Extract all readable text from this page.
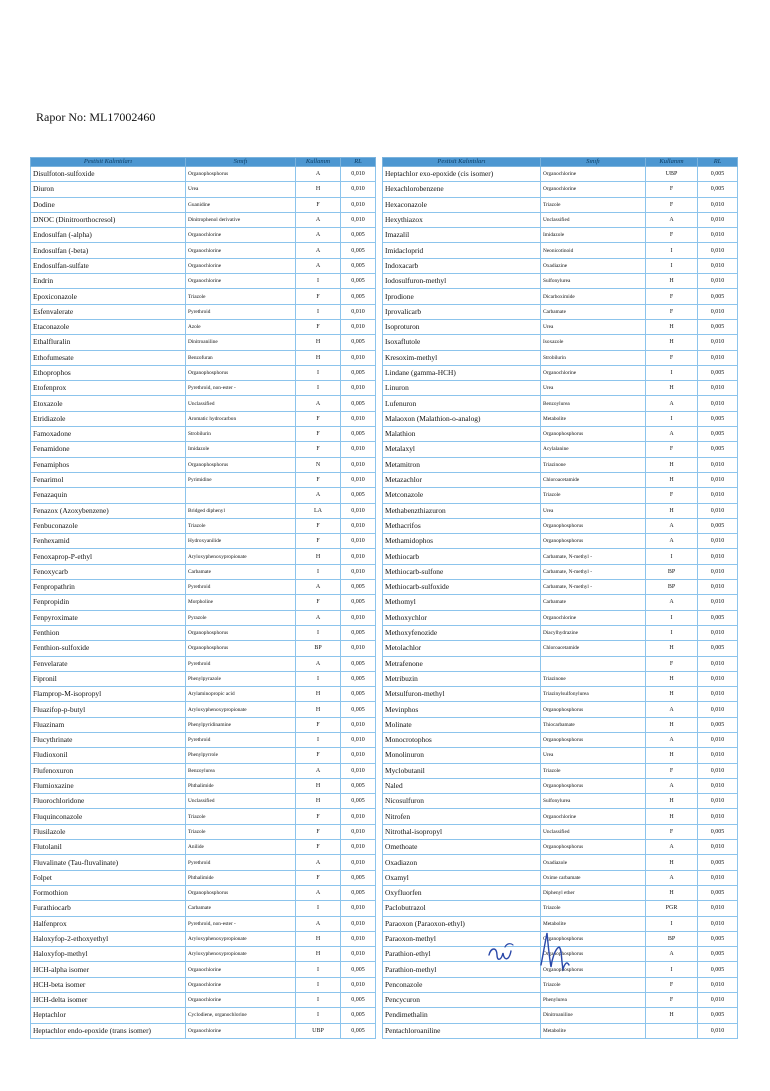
Rapor No: ML17002460
Pestisit Kalıntıları	Sınıfı	Kullanım	RL
Disulfoton-sulfoxide	Organophosphorus	A	0,010
Diuron	Urea	H	0,010
Dodine	Guanidine	F	0,010
DNOC (Dinitroorthocresol)	Dinitrophenol derivative	A	0,010
Endosulfan (-alpha)	Organochlorine	A	0,005
Endosulfan (-beta)	Organochlorine	A	0,005
Endosulfan-sulfate	Organochlorine	A	0,005
Endrin	Organochlorine	I	0,005
Epoxiconazole	Triazole	F	0,005
Esfenvalerate	Pyrethroid	I	0,010
Etaconazole	Azole	F	0,010
Ethalfluralin	Dinitroaniline	H	0,005
Ethofumesate	Benzofuran	H	0,010
Ethoprophos	Organophosphorus	I	0,005
Etofenprox	Pyrethroid, non-ester -	I	0,010
Etoxazole	Unclassified	A	0,005
Etridiazole	Aromatic hydrocarbon	F	0,010
Famoxadone	Strobilurin	F	0,005
Fenamidone	Imidazole	F	0,010
Fenamiphos	Organophosphorus	N	0,010
Fenarimol	Pyrimidine	F	0,010
Fenazaquin		A	0,005
Fenazox (Azoxybenzene)	Bridged diphenyl	LA	0,010
Fenbuconazole	Triazole	F	0,010
Fenhexamid	Hydroxyanilide	F	0,010
Fenoxaprop-P-ethyl	Aryloxyphenoxypropionate	H	0,010
Fenoxycarb	Carbamate	I	0,010
Fenpropathrin	Pyrethroid	A	0,005
Fenpropidin	Morpholine	F	0,005
Fenpyroximate	Pyrazole	A	0,010
Fenthion	Organophosphorus	I	0,005
Fenthion-sulfoxide	Organophosphorus	BP	0,010
Fenvelarate	Pyrethroid	A	0,005
Fipronil	Phenylpyrazole	I	0,005
Flamprop-M-isopropyl	Arylaminopropic acid	H	0,005
Fluazifop-p-butyl	Aryloxyphenoxypropionate	H	0,005
Fluazinam	Phenylpyridinamine	F	0,010
Flucythrinate	Pyrethroid	I	0,010
Fludioxonil	Phenylpyrrole	F	0,010
Flufenoxuron	Benzoylurea	A	0,010
Flumioxazine	Phthalimide	H	0,005
Fluorochloridone	Unclassified	H	0,005
Fluquinconazole	Triazole	F	0,010
Flusilazole	Triazole	F	0,010
Flutolanil	Anilide	F	0,010
Fluvalinate (Tau-fluvalinate)	Pyrethroid	A	0,010
Folpet	Phthalimide	F	0,005
Formothion	Organophosphorus	A	0,005
Furathiocarb	Carbamate	I	0,010
Halfenprox	Pyrethroid, non-ester -	A	0,010
Haloxyfop-2-ethoxyethyl	Aryloxyphenoxypropionate	H	0,010
Haloxyfop-methyl	Aryloxyphenoxypropionate	H	0,010
HCH-alpha isomer	Organochlorine	I	0,005
HCH-beta isomer	Organochlorine	I	0,010
HCH-delta isomer	Organochlorine	I	0,005
Heptachlor	Cyclodiene, organochlorine	I	0,005
Heptachlor endo-epoxide (trans isomer)	Organochlorine	UBP	0,005
Pestisit Kalıntıları	Sınıfı	Kullanım	RL
Heptachlor exo-epoxide (cis isomer)	Organochlorine	UBP	0,005
Hexachlorobenzene	Organochlorine	F	0,005
Hexaconazole	Triazole	F	0,010
Hexythiazox	Unclassified	A	0,010
Imazalil	Imidazole	F	0,010
Imidacloprid	Neonicotinoid	I	0,010
Indoxacarb	Oxadiazine	I	0,010
Iodosulfuron-methyl	Sulfonylurea	H	0,010
Iprodione	Dicarboximide	F	0,005
Iprovalicarb	Carbamate	F	0,010
Isoproturon	Urea	H	0,005
Isoxaflutole	Isoxazole	H	0,010
Kresoxim-methyl	Strobilurin	F	0,010
Lindane (gamma-HCH)	Organochlorine	I	0,005
Linuron	Urea	H	0,010
Lufenuron	Benzoylurea	A	0,010
Malaoxon (Malathion-o-analog)	Metabolite	I	0,005
Malathion	Organophosphorus	A	0,005
Metalaxyl	Acylalanine	F	0,005
Metamitron	Triazinone	H	0,010
Metazachlor	Chloroacetamide	H	0,010
Metconazole	Triazole	F	0,010
Methabenzthiazuron	Urea	H	0,010
Methacrifos	Organophosphorus	A	0,005
Methamidophos	Organophosphorus	A	0,010
Methiocarb	Carbamate, N-methyl -	I	0,010
Methiocarb-sulfone	Carbamate, N-methyl -	BP	0,010
Methiocarb-sulfoxide	Carbamate, N-methyl -	BP	0,010
Methomyl	Carbamate	A	0,010
Methoxychlor	Organochlorine	I	0,005
Methoxyfenozide	Diacylhydrazine	I	0,010
Metolachlor	Chloroacetamide	H	0,005
Metrafenone		F	0,010
Metribuzin	Triazinone	H	0,010
Metsulfuron-methyl	Triazinylsulfonylurea	H	0,010
Mevinphos	Organophosphorus	A	0,010
Molinate	Thiocarbamate	H	0,005
Monocrotophos	Organophosphorus	A	0,010
Monolinuron	Urea	H	0,010
Myclobutanil	Triazole	F	0,010
Naled	Organophosphorus	A	0,010
Nicosulfuron	Sulfonylurea	H	0,010
Nitrofen	Organochlorine	H	0,010
Nitrothal-isopropyl	Unclassified	F	0,005
Omethoate	Organophosphorus	A	0,010
Oxadiazon	Oxadiazole	H	0,005
Oxamyl	Oxime carbamate	A	0,010
Oxyfluorfen	Diphenyl ether	H	0,005
Paclobutrazol	Triazole	PGR	0,010
Paraoxon (Paraoxon-ethyl)	Metabolite	I	0,010
Paraoxon-methyl	Organophosphorus	BP	0,005
Parathion-ethyl	Organophosphorus	A	0,005
Parathion-methyl	Organophosphorus	I	0,005
Penconazole	Triazole	F	0,010
Pencycuron	Phenylurea	F	0,010
Pendimethalin	Dinitroaniline	H	0,005
Pentachloroaniline	Metabolite		0,010
